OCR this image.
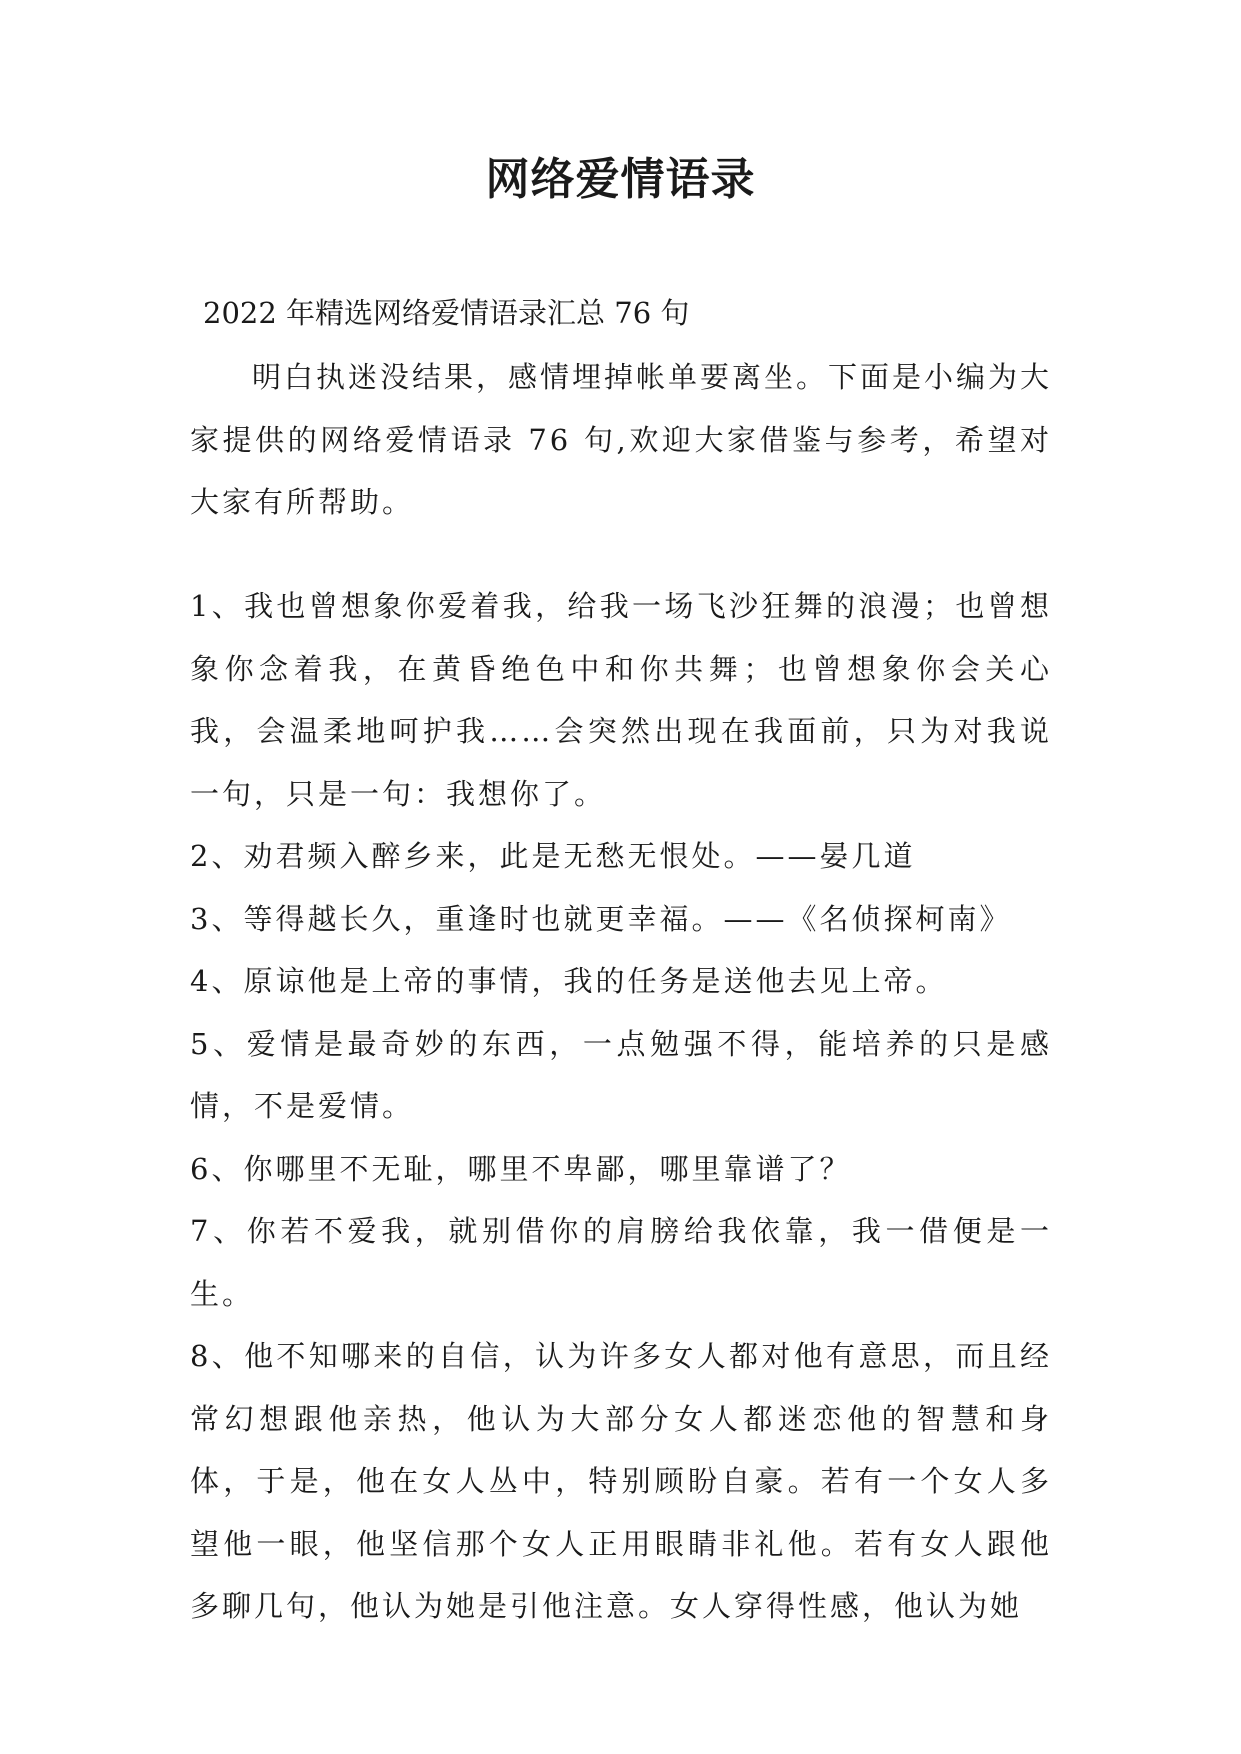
网络爱情语录
2022 年精选网络爱情语录汇总 76 句

明白执迷没结果，感情埋掉帐单要离坐。下面是小编为大家提供的网络爱情语录 76 句,欢迎大家借鉴与参考，希望对大家有所帮助。

1、我也曾想象你爱着我，给我一场飞沙狂舞的浪漫；也曾想象你念着我，在黄昏绝色中和你共舞；也曾想象你会关心我，会温柔地呵护我……会突然出现在我面前，只为对我说一句，只是一句：我想你了。

2、劝君频入醉乡来，此是无愁无恨处。——晏几道

3、等得越长久，重逢时也就更幸福。——《名侦探柯南》

4、原谅他是上帝的事情，我的任务是送他去见上帝。

5、爱情是最奇妙的东西，一点勉强不得，能培养的只是感情，不是爱情。

6、你哪里不无耻，哪里不卑鄙，哪里靠谱了？

7、你若不爱我，就别借你的肩膀给我依靠，我一借便是一生。

8、他不知哪来的自信，认为许多女人都对他有意思，而且经常幻想跟他亲热，他认为大部分女人都迷恋他的智慧和身体，于是，他在女人丛中，特别顾盼自豪。若有一个女人多望他一眼，他坚信那个女人正用眼睛非礼他。若有女人跟他多聊几句，他认为她是引他注意。女人穿得性感，他认为她
